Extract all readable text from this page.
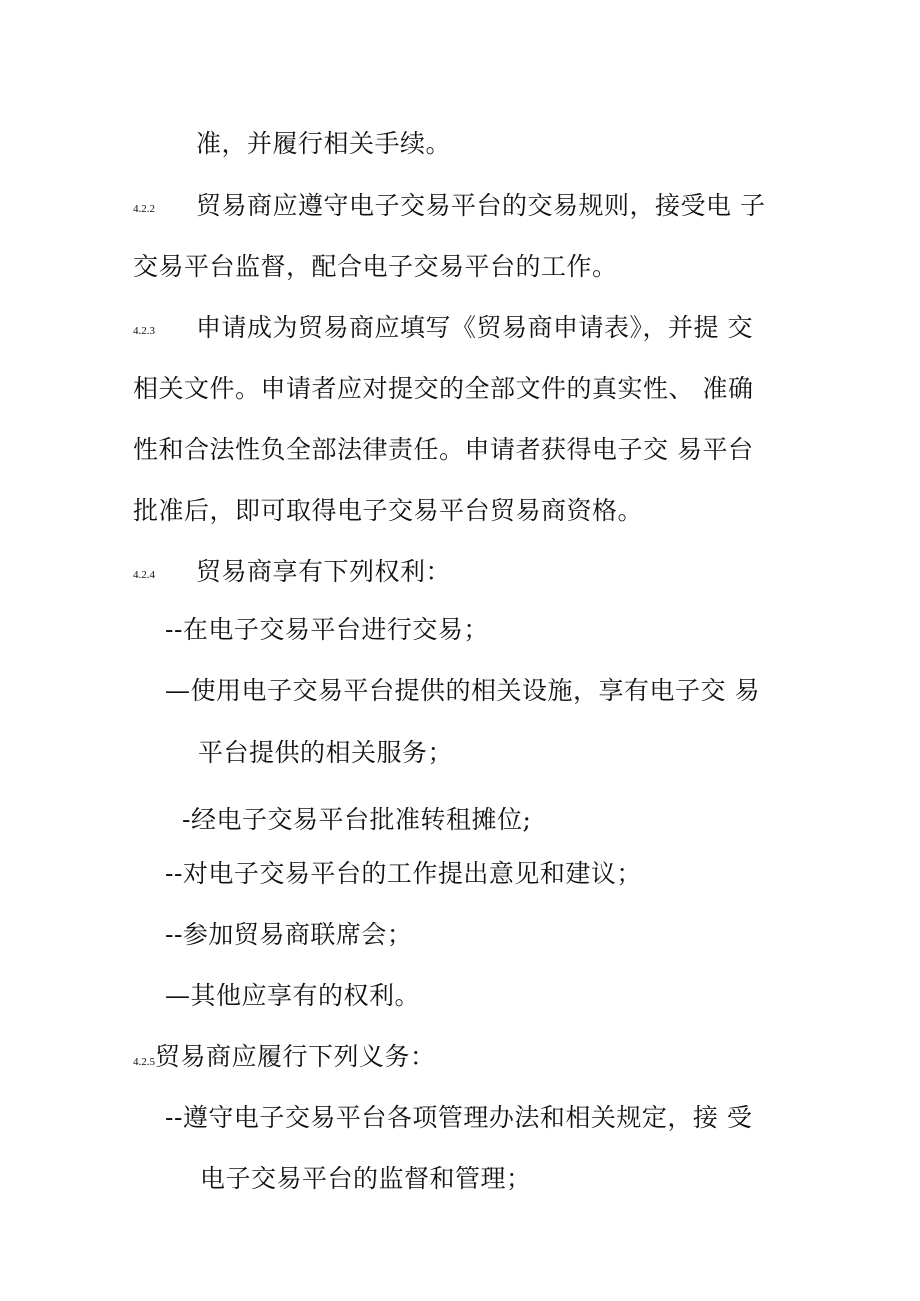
准，并履行相关手续。
4.2.2 贸易商应遵守电子交易平台的交易规则，接受电 子
交易平台监督，配合电子交易平台的工作。
4.2.3 申请成为贸易商应填写《贸易商申请表》，并提 交
相关文件。申请者应对提交的全部文件的真实性、 准确
性和合法性负全部法律责任。申请者获得电子交 易平台
批准后，即可取得电子交易平台贸易商资格。
4.2.4 贸易商享有下列权利：
--在电子交易平台进行交易；
—使用电子交易平台提供的相关设施，享有电子交 易
平台提供的相关服务；
-经电子交易平台批准转租摊位;
--对电子交易平台的工作提出意见和建议；
--参加贸易商联席会；
—其他应享有的权利。
4.2.5贸易商应履行下列义务：
--遵守电子交易平台各项管理办法和相关规定，接 受
电子交易平台的监督和管理；
